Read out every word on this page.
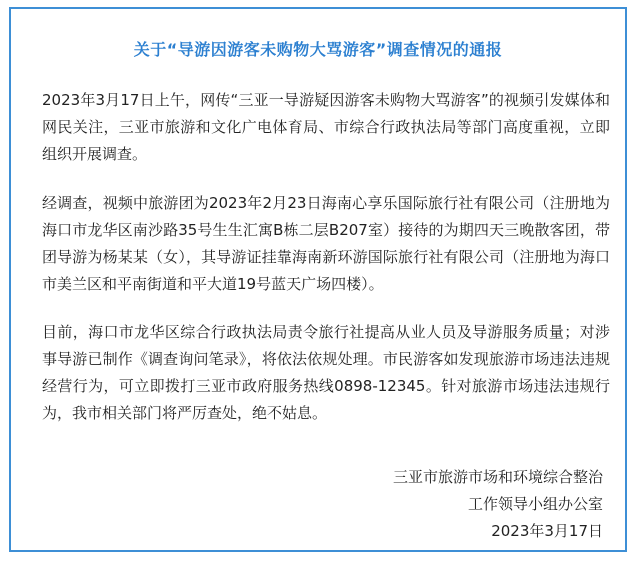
关于“导游因游客未购物大骂游客”调查情况的通报

2023年3月17日上午，网传“三亚一导游疑因游客未购物大骂游客”的视频引发媒体和网民关注，三亚市旅游和文化广电体育局、市综合行政执法局等部门高度重视，立即组织开展调查。

经调查，视频中旅游团为2023年2月23日海南心享乐国际旅行社有限公司（注册地为海口市龙华区南沙路35号生生汇寓B栋二层B207室）接待的为期四天三晚散客团，带团导游为杨某某（女），其导游证挂靠海南新环游国际旅行社有限公司（注册地为海口市美兰区和平南街道和平大道19号蓝天广场四楼）。

目前，海口市龙华区综合行政执法局责令旅行社提高从业人员及导游服务质量；对涉事导游已制作《调查询问笔录》，将依法依规处理。市民游客如发现旅游市场违法违规经营行为，可立即拨打三亚市政府服务热线0898-12345。针对旅游市场违法违规行为，我市相关部门将严厉查处，绝不姑息。

三亚市旅游市场和环境综合整治
工作领导小组办公室
2023年3月17日
